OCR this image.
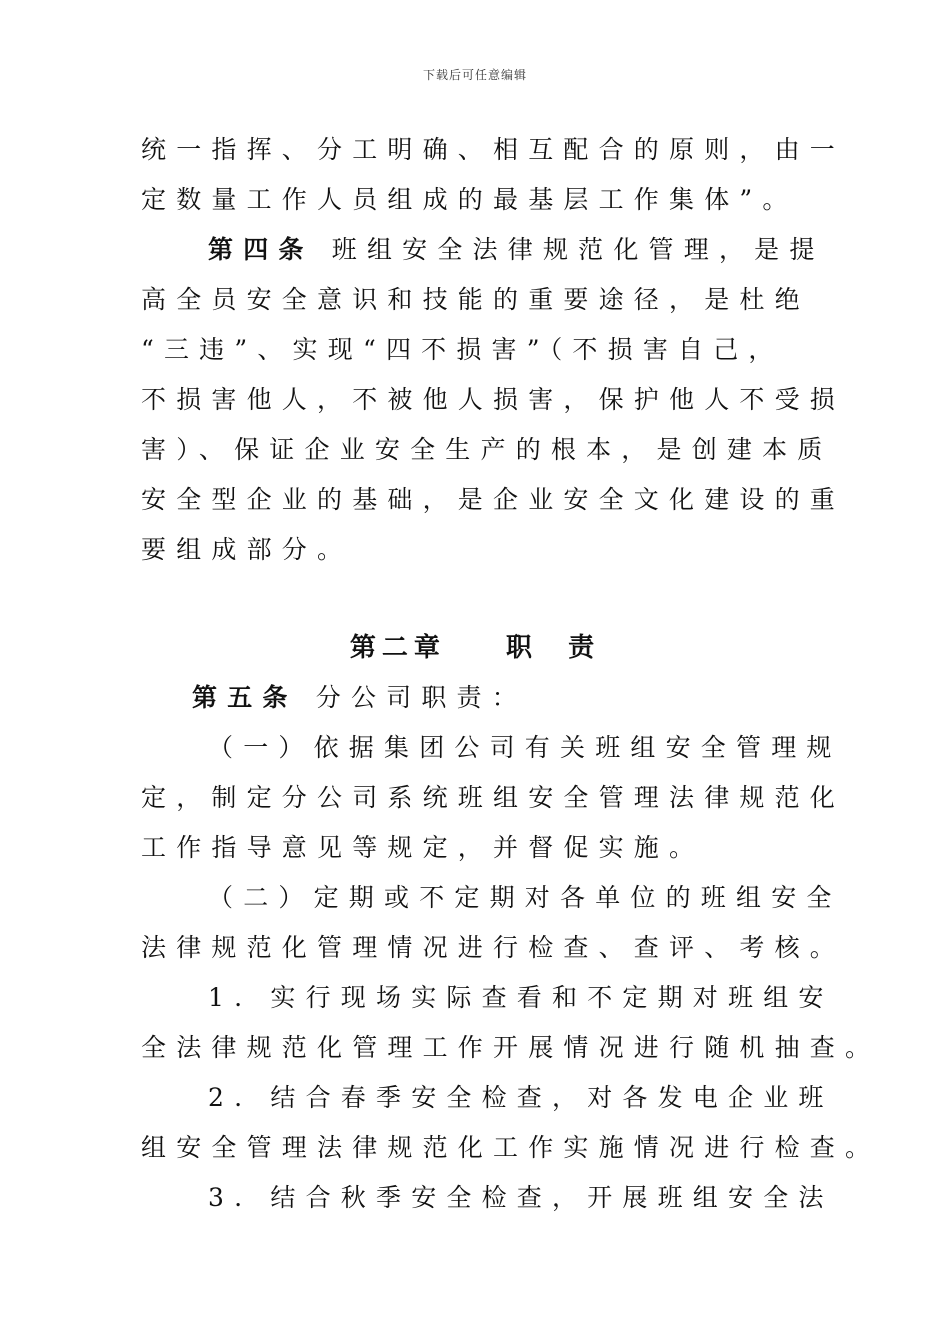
下载后可任意编辑
统一指挥、分工明确、相互配合的原则，由一
定数量工作人员组成的最基层工作集体”。
第四条 班组安全法律规范化管理，是提
高全员安全意识和技能的重要途径，是杜绝
“三违”、实现“四不损害”（不损害自己，
不损害他人，不被他人损害，保护他人不受损
害）、保证企业安全生产的根本，是创建本质
安全型企业的基础，是企业安全文化建设的重
要组成部分。
第二章    职  责
第五条 分公司职责：
（一）依据集团公司有关班组安全管理规
定，制定分公司系统班组安全管理法律规范化
工作指导意见等规定，并督促实施。
（二）定期或不定期对各单位的班组安全
法律规范化管理情况进行检查、查评、考核。
1. 实行现场实际查看和不定期对班组安
全法律规范化管理工作开展情况进行随机抽查。
2. 结合春季安全检查，对各发电企业班
组安全管理法律规范化工作实施情况进行检查。
3. 结合秋季安全检查，开展班组安全法
